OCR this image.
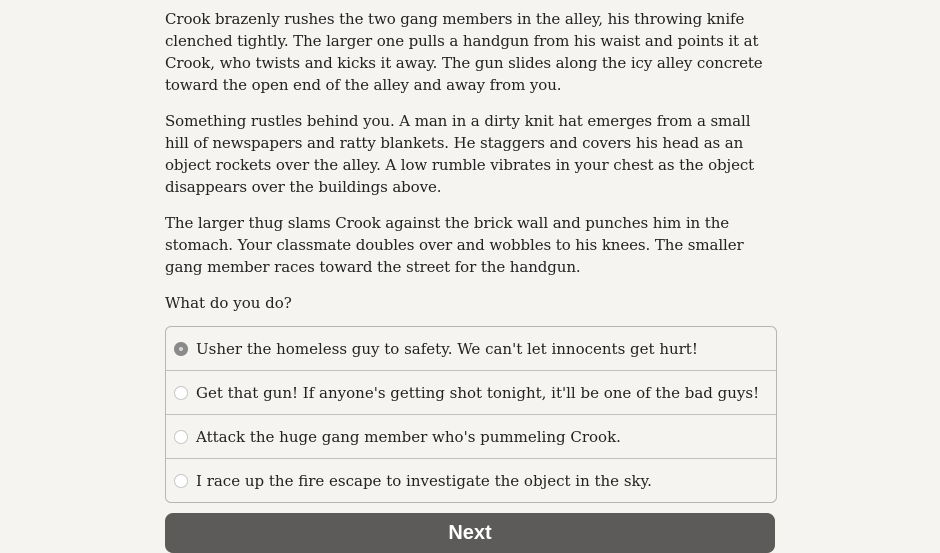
Crook brazenly rushes the two gang members in the alley, his throwing knife clenched tightly. The larger one pulls a handgun from his waist and points it at Crook, who twists and kicks it away. The gun slides along the icy alley concrete toward the open end of the alley and away from you.

Something rustles behind you. A man in a dirty knit hat emerges from a small hill of newspapers and ratty blankets. He staggers and covers his head as an object rockets over the alley. A low rumble vibrates in your chest as the object disappears over the buildings above.

The larger thug slams Crook against the brick wall and punches him in the stomach. Your classmate doubles over and wobbles to his knees. The smaller gang member races toward the street for the handgun.

What do you do?

Usher the homeless guy to safety. We can't let innocents get hurt!
Get that gun! If anyone's getting shot tonight, it'll be one of the bad guys!
Attack the huge gang member who's pummeling Crook.
I race up the fire escape to investigate the object in the sky.
Next
